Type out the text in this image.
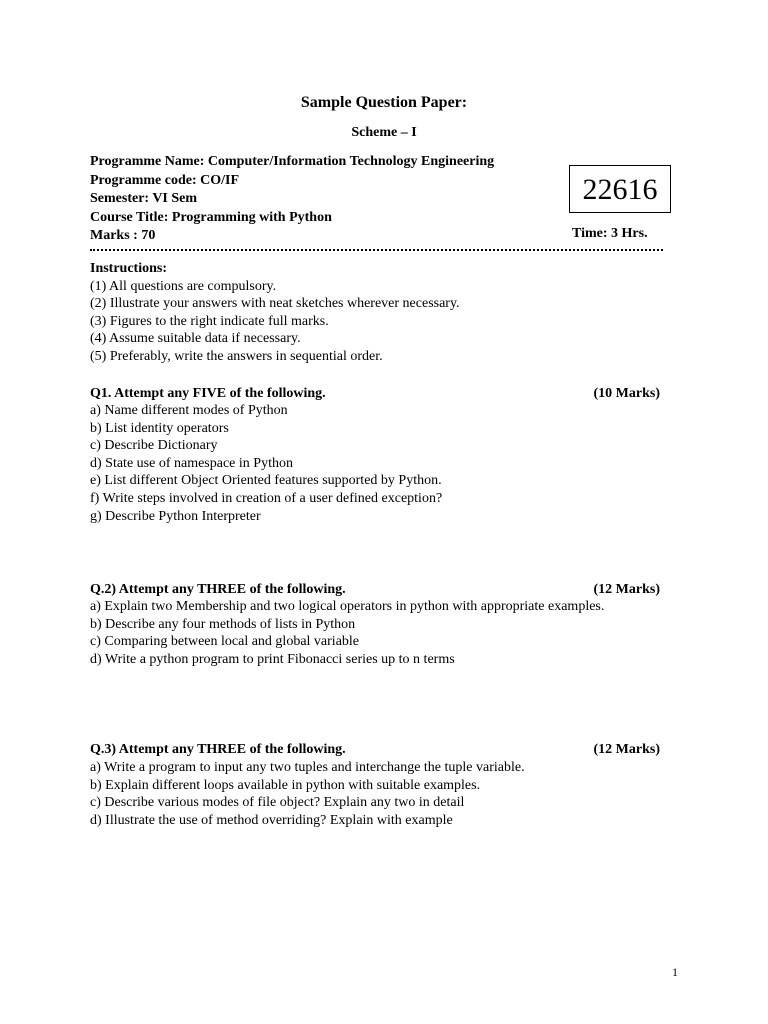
Sample Question Paper:
Scheme – I
Programme Name: Computer/Information Technology Engineering
Programme code: CO/IF
Semester: VI Sem
Course Title: Programming with Python
Marks : 70
22616
Time: 3 Hrs.
Instructions:
(1) All questions are compulsory.
(2) Illustrate your answers with neat sketches wherever necessary.
(3) Figures to the right indicate full marks.
(4) Assume suitable data if necessary.
(5) Preferably, write the answers in sequential order.
Q1. Attempt any FIVE of the following.	(10 Marks)
a) Name different modes of Python
b) List identity operators
c) Describe Dictionary
d) State use of namespace in Python
e) List different Object Oriented features supported by Python.
f) Write steps involved in creation of a user defined exception?
g) Describe Python Interpreter
Q.2) Attempt any THREE of the following.	(12 Marks)
a) Explain two Membership and two logical operators in python with appropriate examples.
b) Describe any four methods of lists in Python
c) Comparing between local and global variable
d) Write a python program to print Fibonacci series up to n terms
Q.3) Attempt any THREE of the following.	(12 Marks)
a) Write a program to input any two tuples and interchange the tuple variable.
b) Explain different loops available in python with suitable examples.
c) Describe various modes of file object? Explain any two in detail
d) Illustrate the use of method overriding? Explain with example
1
